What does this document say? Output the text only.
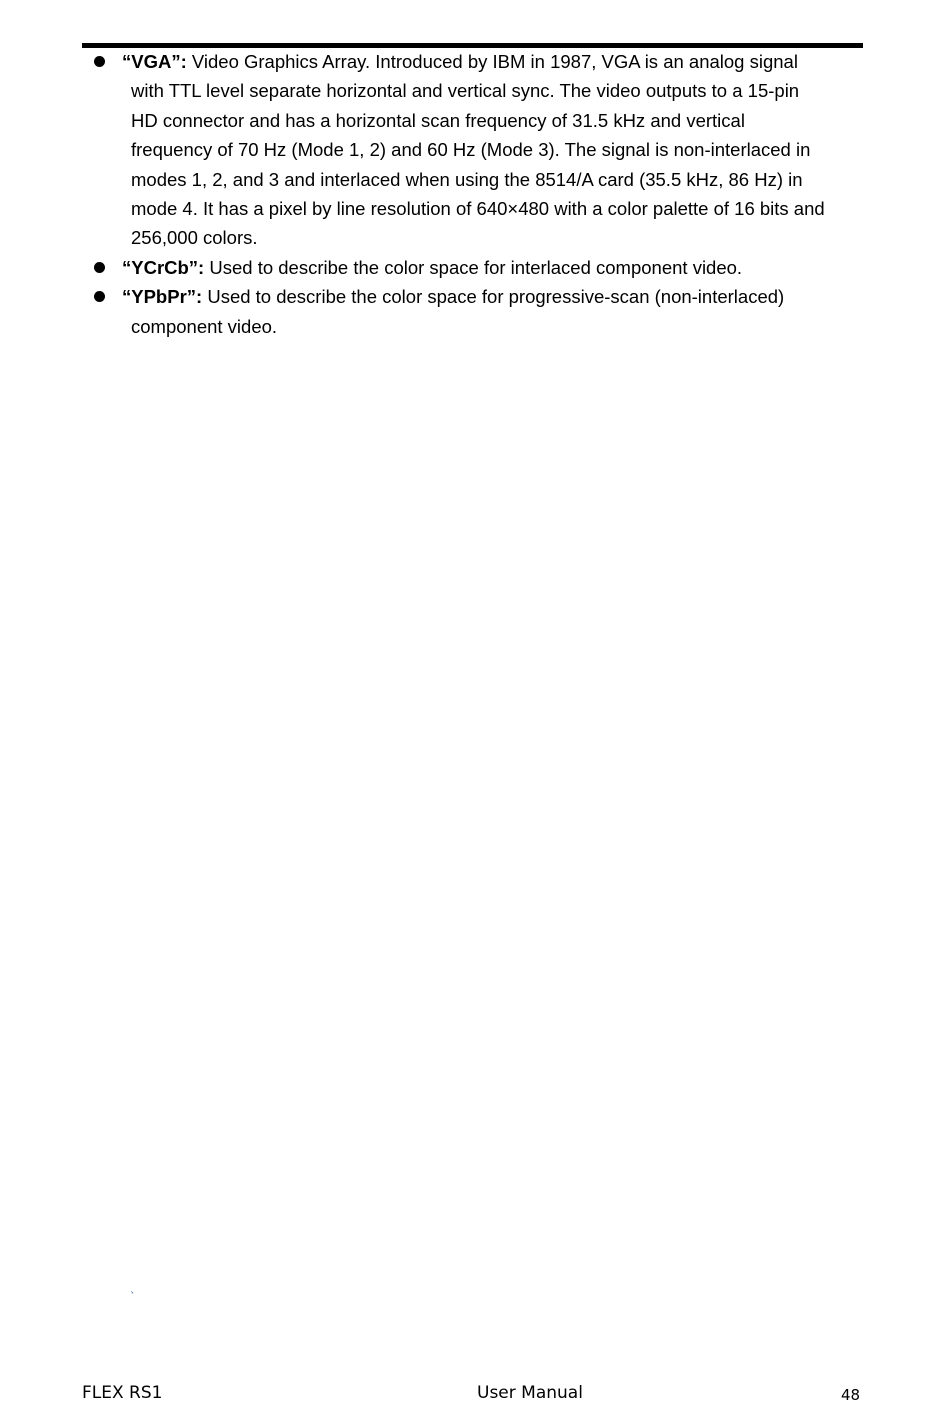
“VGA”: Video Graphics Array. Introduced by IBM in 1987, VGA is an analog signal
with TTL level separate horizontal and vertical sync. The video outputs to a 15-pin
HD connector and has a horizontal scan frequency of 31.5 kHz and vertical
frequency of 70 Hz (Mode 1, 2) and 60 Hz (Mode 3). The signal is non-interlaced in
modes 1, 2, and 3 and interlaced when using the 8514/A card (35.5 kHz, 86 Hz) in
mode 4. It has a pixel by line resolution of 640×480 with a color palette of 16 bits and
256,000 colors.
“YCrCb”: Used to describe the color space for interlaced component video.
“YPbPr”: Used to describe the color space for progressive-scan (non-interlaced)
component video.
`
FLEX RS1	User Manual	48
